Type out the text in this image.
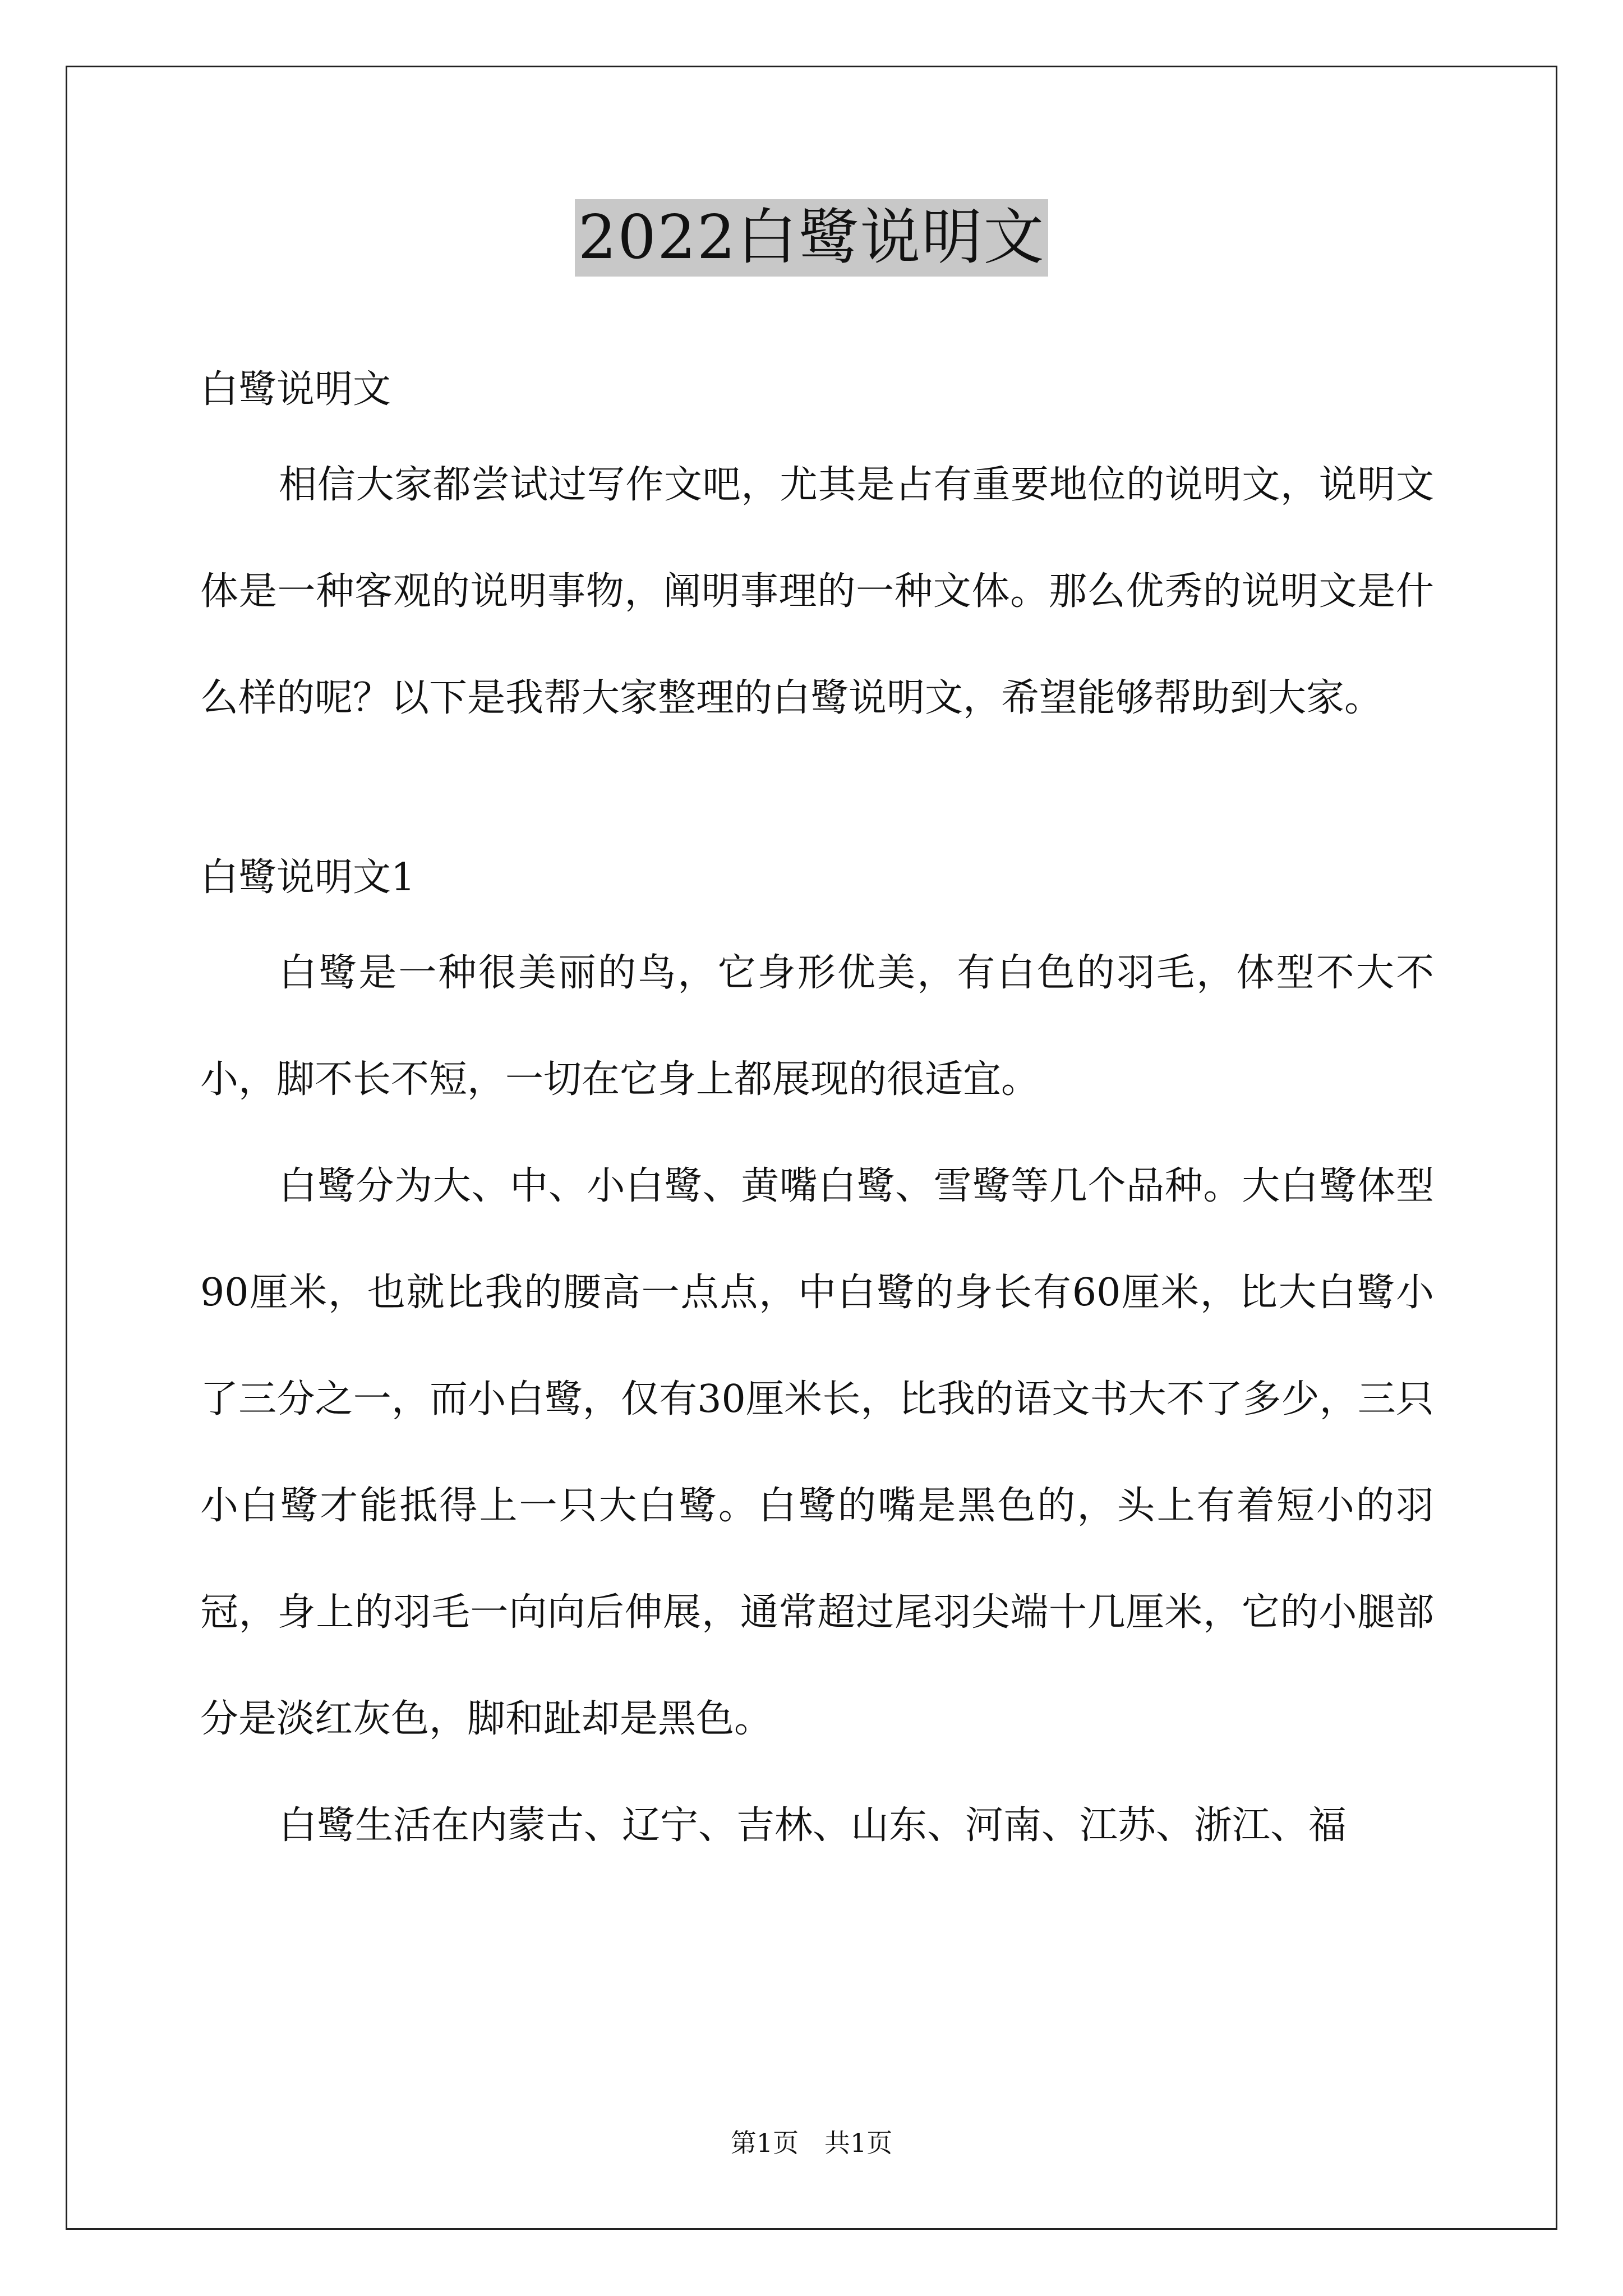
2022白鹭说明文

白鹭说明文

相信大家都尝试过写作文吧，尤其是占有重要地位的说明文，说明文体是一种客观的说明事物，阐明事理的一种文体。那么优秀的说明文是什么样的呢？以下是我帮大家整理的白鹭说明文，希望能够帮助到大家。

白鹭说明文1

白鹭是一种很美丽的鸟，它身形优美，有白色的羽毛，体型不大不小，脚不长不短，一切在它身上都展现的很适宜。

白鹭分为大、中、小白鹭、黄嘴白鹭、雪鹭等几个品种。大白鹭体型90厘米，也就比我的腰高一点点，中白鹭的身长有60厘米，比大白鹭小了三分之一，而小白鹭，仅有30厘米长，比我的语文书大不了多少，三只小白鹭才能抵得上一只大白鹭。白鹭的嘴是黑色的，头上有着短小的羽冠，身上的羽毛一向向后伸展，通常超过尾羽尖端十几厘米，它的小腿部分是淡红灰色，脚和趾却是黑色。

白鹭生活在内蒙古、辽宁、吉林、山东、河南、江苏、浙江、福

第1页　共1页
